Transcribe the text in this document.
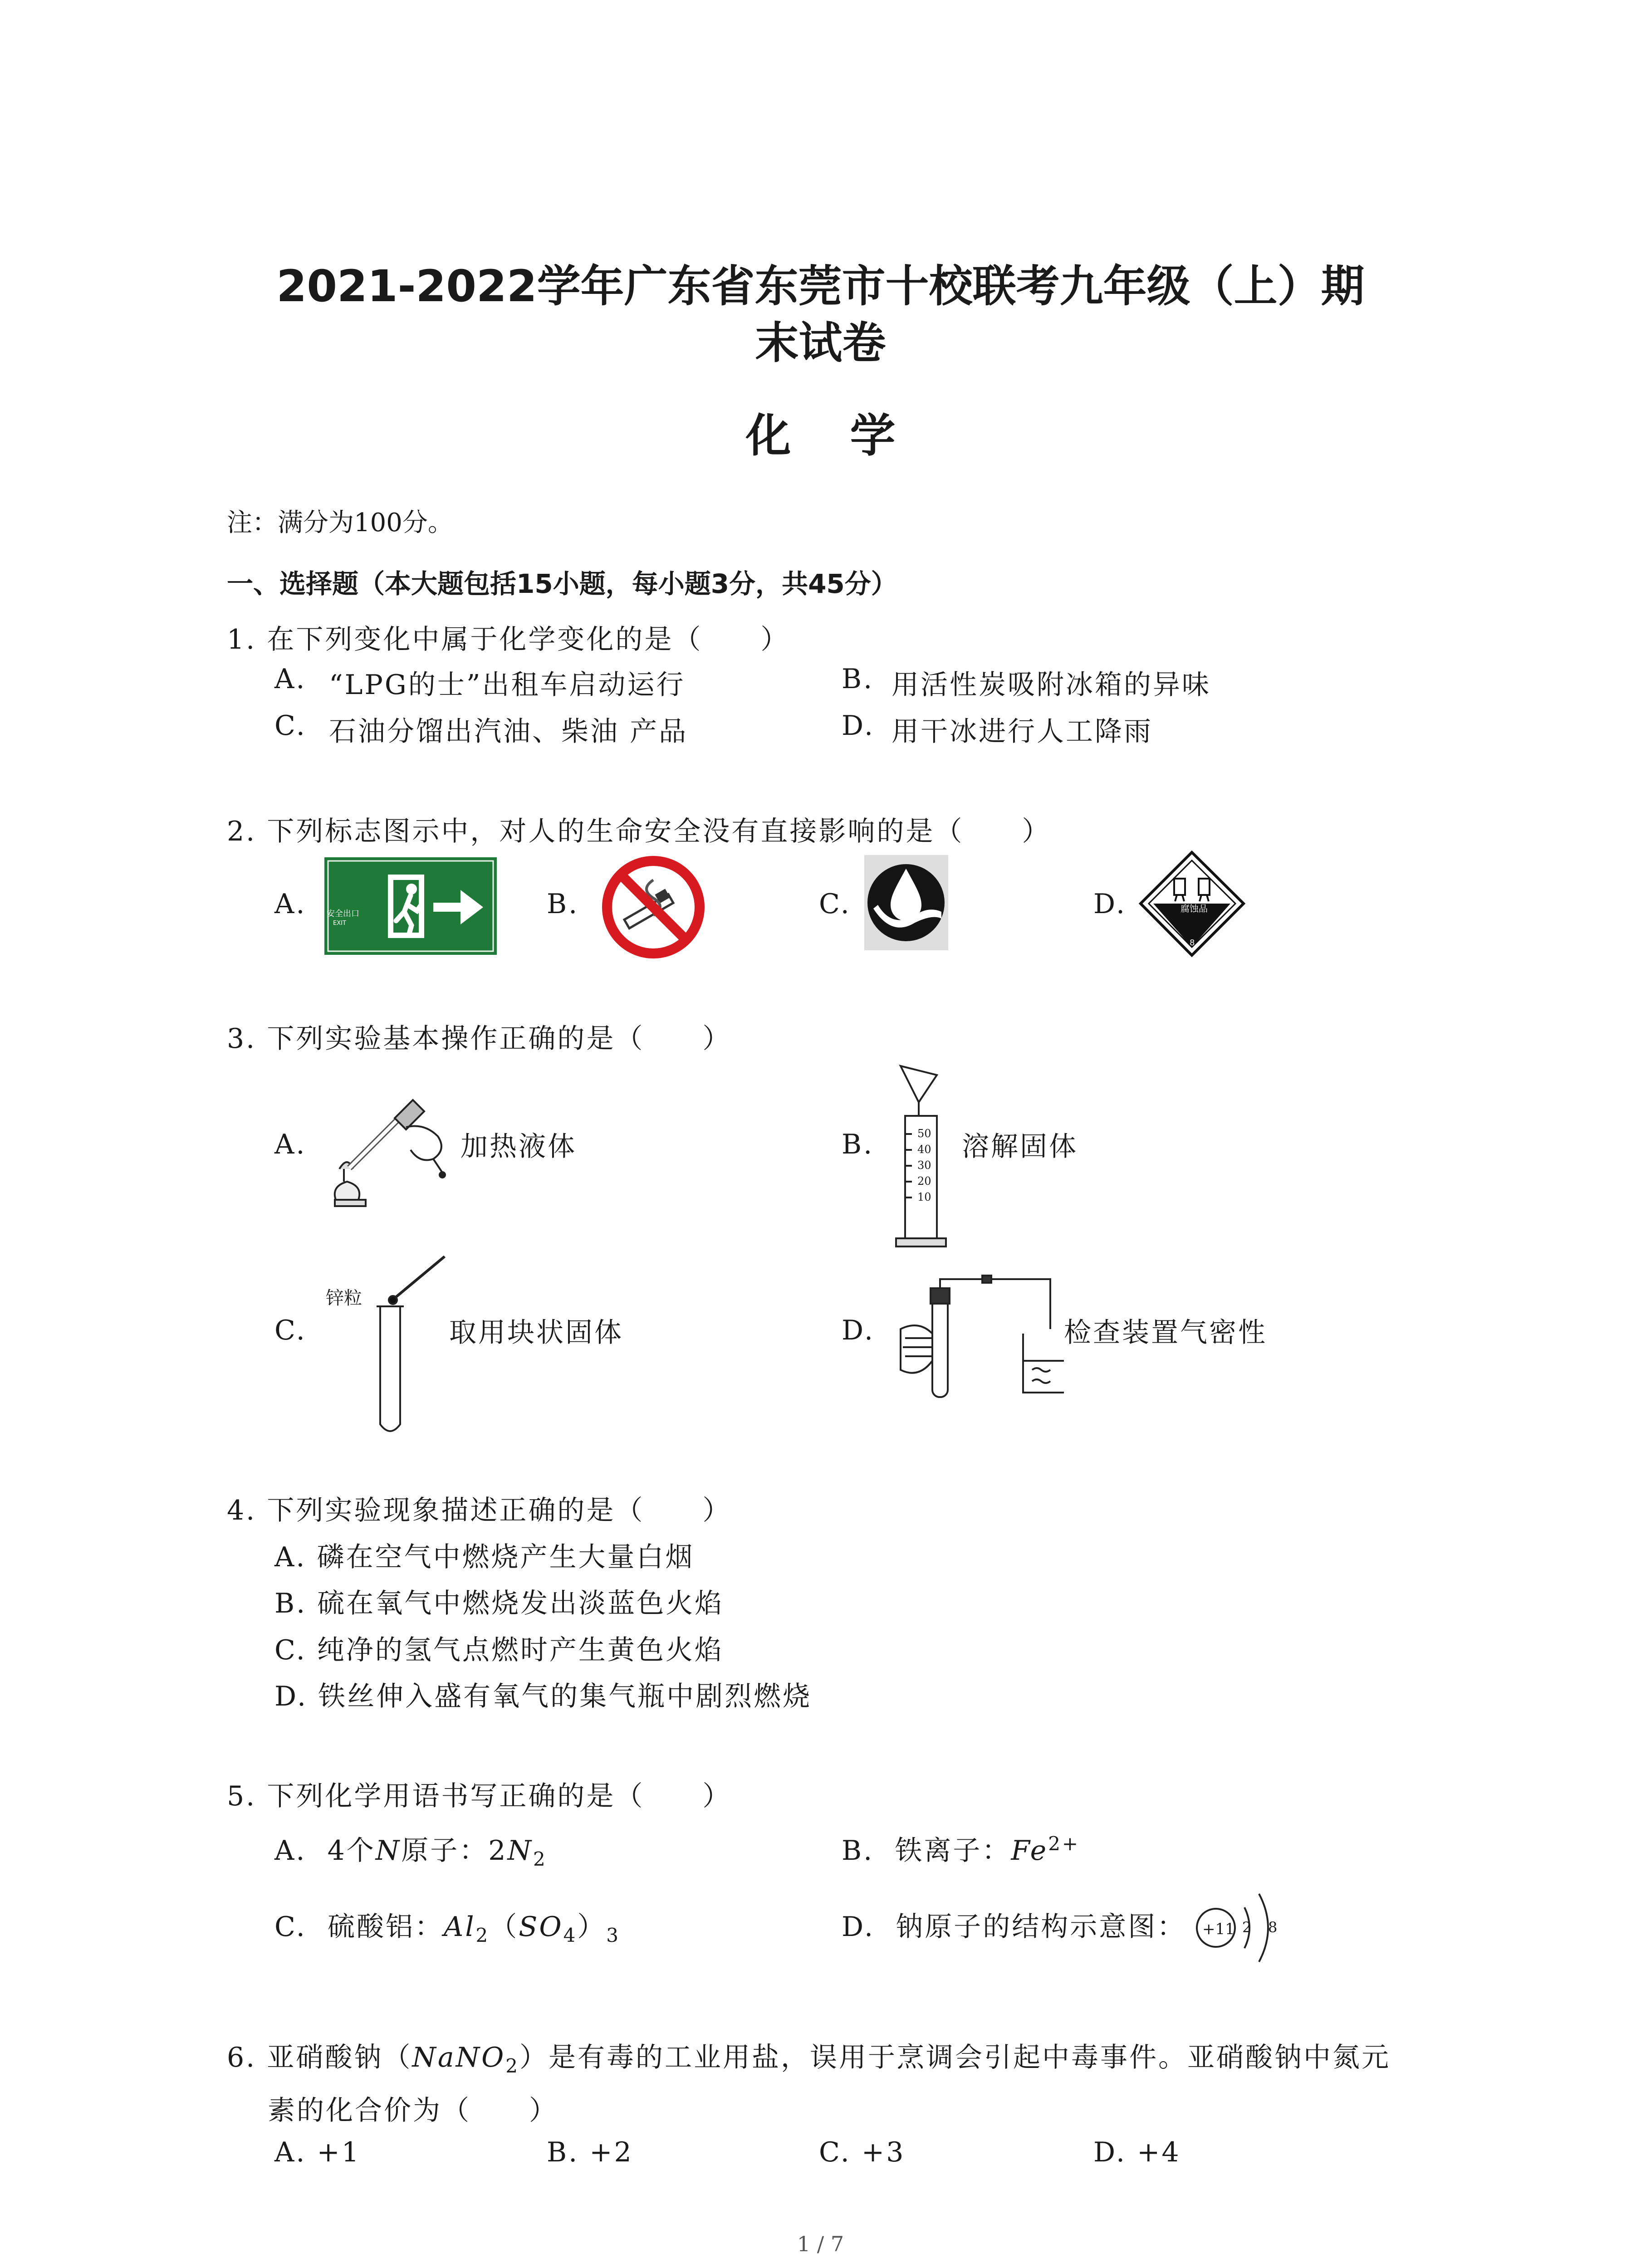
2021-2022学年广东省东莞市十校联考九年级（上）期
末试卷
化学
注：满分为100分。
一、选择题（本大题包括15小题，每小题3分，共45分）
1. 在下列变化中属于化学变化的是（　　）
A. “LPG的士”出租车启动运行	B. 用活性炭吸附冰箱的异味
C. 石油分馏出汽油、柴油 产品	D. 用干冰进行人工降雨
2. 下列标志图示中，对人的生命安全没有直接影响的是（　　）
A.	B.	C.	D.
安全出口
EXIT
腐蚀品
8
3. 下列实验基本操作正确的是（　　）
A.	加热液体	B.	溶解固体
C.	取用块状固体	D.	检查装置气密性
50
40
30
20
10
锌粒
4. 下列实验现象描述正确的是（　　）
A. 磷在空气中燃烧产生大量白烟
B. 硫在氧气中燃烧发出淡蓝色火焰
C. 纯净的氢气点燃时产生黄色火焰
D. 铁丝伸入盛有氧气的集气瓶中剧烈燃烧
5. 下列化学用语书写正确的是（　　）
A. 4个N原子：$2N_2$	B. 铁离子：$Fe^{2+}$
C. 硫酸铝：$Al_2(SO_4)_3$	D. 钠原子的结构示意图： +11 2 8
6. 亚硝酸钠（NaNO$_2$）是有毒的工业用盐，误用于烹调会引起中毒事件。亚硝酸钠中氮元
素的化合价为（　　）
A. +1	B. +2	C. +3	D. +4
1 / 7
